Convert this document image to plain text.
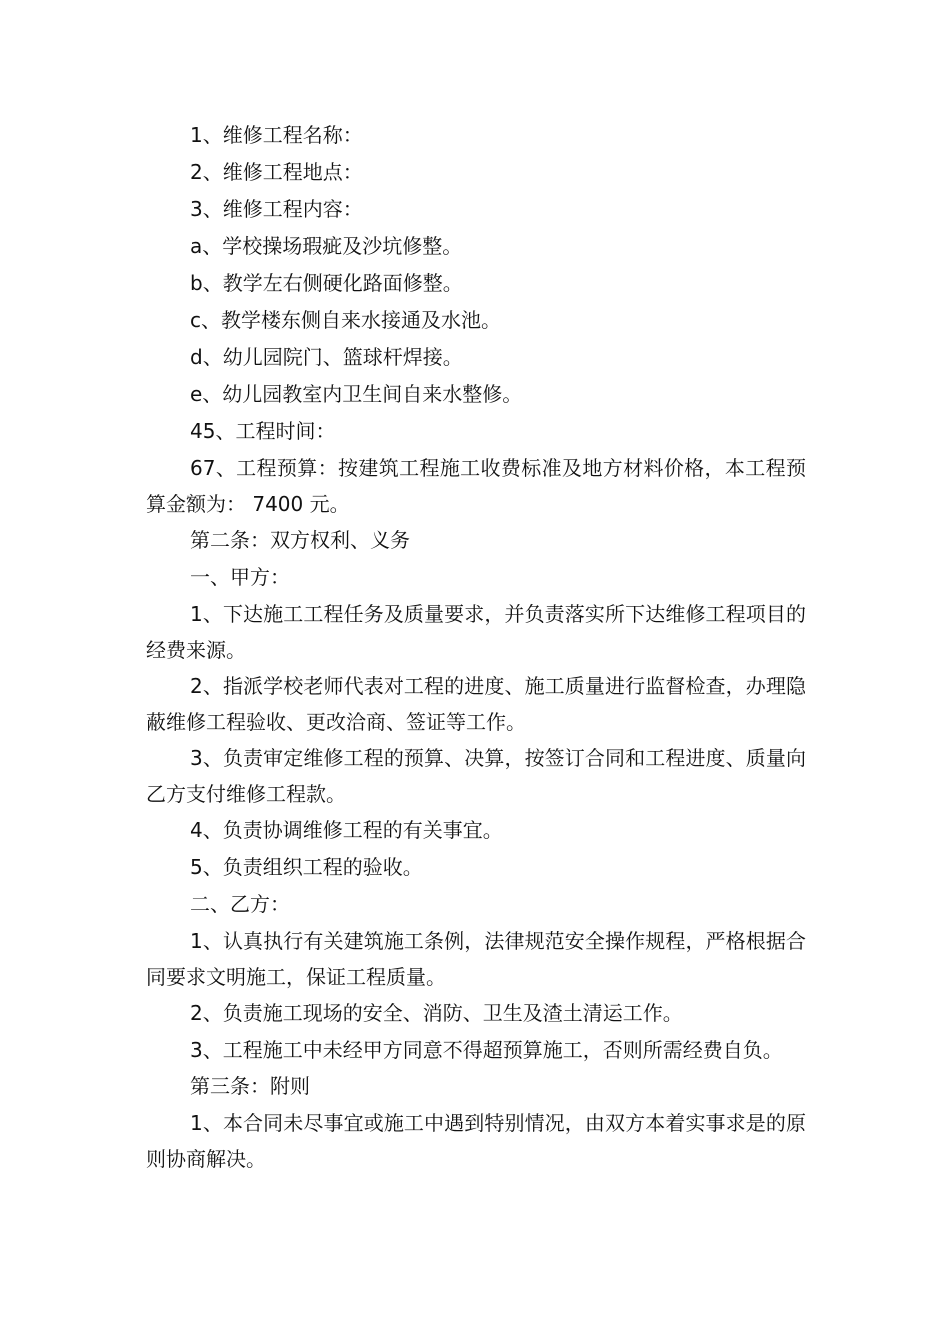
1、维修工程名称：

2、维修工程地点：

3、维修工程内容：

a、学校操场瑕疵及沙坑修整。

b、教学左右侧硬化路面修整。

c、教学楼东侧自来水接通及水池。

d、幼儿园院门、篮球杆焊接。

e、幼儿园教室内卫生间自来水整修。

45、工程时间：

67、工程预算：按建筑工程施工收费标准及地方材料价格，本工程预算金额为： 7400 元。

第二条：双方权利、义务

一、甲方：

1、下达施工工程任务及质量要求，并负责落实所下达维修工程项目的经费来源。

2、指派学校老师代表对工程的进度、施工质量进行监督检查，办理隐蔽维修工程验收、更改洽商、签证等工作。

3、负责审定维修工程的预算、决算，按签订合同和工程进度、质量向乙方支付维修工程款。

4、负责协调维修工程的有关事宜。

5、负责组织工程的验收。

二、乙方：

1、认真执行有关建筑施工条例，法律规范安全操作规程，严格根据合同要求文明施工，保证工程质量。

2、负责施工现场的安全、消防、卫生及渣土清运工作。

3、工程施工中未经甲方同意不得超预算施工，否则所需经费自负。

第三条：附则

1、本合同未尽事宜或施工中遇到特别情况，由双方本着实事求是的原则协商解决。
